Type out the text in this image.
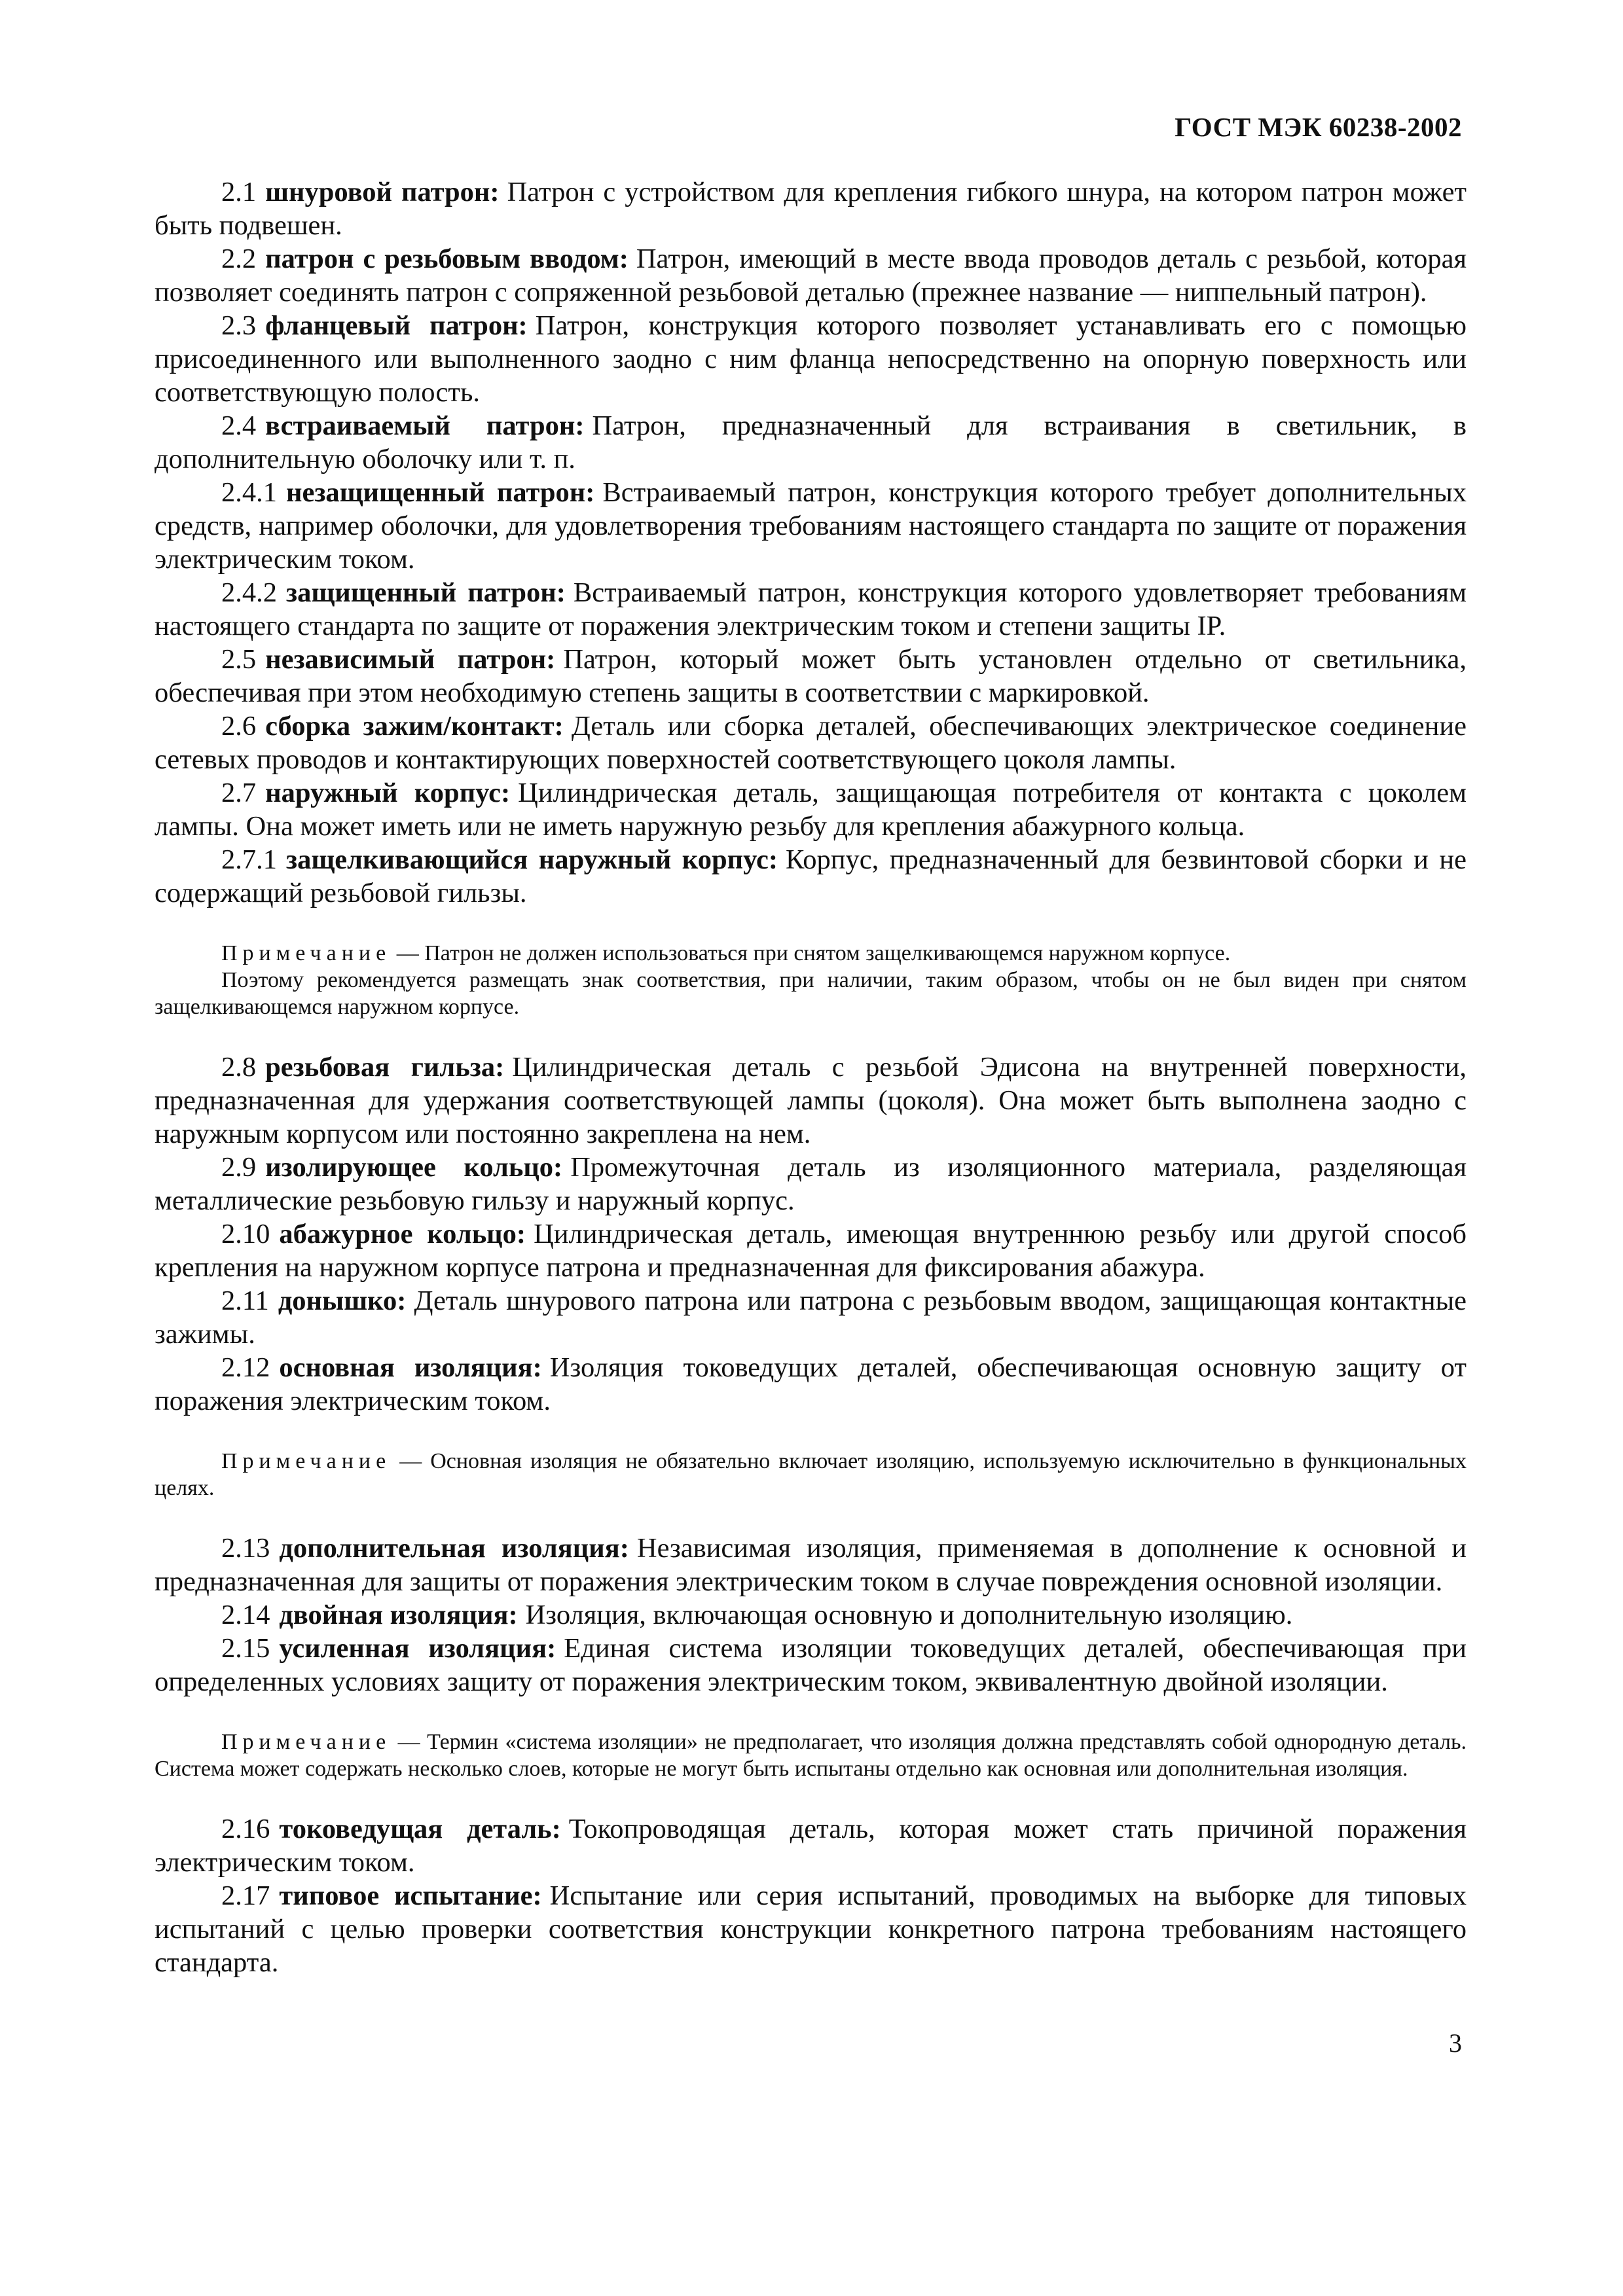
ГОСТ МЭК 60238-2002

2.1 шнуровой патрон: Патрон с устройством для крепления гибкого шнура, на котором патрон может быть подвешен.

2.2 патрон с резьбовым вводом: Патрон, имеющий в месте ввода проводов деталь с резьбой, которая позволяет соединять патрон с сопряженной резьбовой деталью (прежнее название — ниппельный патрон).

2.3 фланцевый патрон: Патрон, конструкция которого позволяет устанавливать его с помощью присоединенного или выполненного заодно с ним фланца непосредственно на опорную поверхность или соответствующую полость.

2.4 встраиваемый патрон: Патрон, предназначенный для встраивания в светильник, в дополнительную оболочку или т. п.

2.4.1 незащищенный патрон: Встраиваемый патрон, конструкция которого требует дополнительных средств, например оболочки, для удовлетворения требованиям настоящего стандарта по защите от поражения электрическим током.

2.4.2 защищенный патрон: Встраиваемый патрон, конструкция которого удовлетворяет требованиям настоящего стандарта по защите от поражения электрическим током и степени защиты IP.

2.5 независимый патрон: Патрон, который может быть установлен отдельно от светильника, обеспечивая при этом необходимую степень защиты в соответствии с маркировкой.

2.6 сборка зажим/контакт: Деталь или сборка деталей, обеспечивающих электрическое соединение сетевых проводов и контактирующих поверхностей соответствующего цоколя лампы.

2.7 наружный корпус: Цилиндрическая деталь, защищающая потребителя от контакта с цоколем лампы. Она может иметь или не иметь наружную резьбу для крепления абажурного кольца.

2.7.1 защелкивающийся наружный корпус: Корпус, предназначенный для безвинтовой сборки и не содержащий резьбовой гильзы.

Примечание — Патрон не должен использоваться при снятом защелкивающемся наружном корпусе.

Поэтому рекомендуется размещать знак соответствия, при наличии, таким образом, чтобы он не был виден при снятом защелкивающемся наружном корпусе.

2.8 резьбовая гильза: Цилиндрическая деталь с резьбой Эдисона на внутренней поверхности, предназначенная для удержания соответствующей лампы (цоколя). Она может быть выполнена заодно с наружным корпусом или постоянно закреплена на нем.

2.9 изолирующее кольцо: Промежуточная деталь из изоляционного материала, разделяющая металлические резьбовую гильзу и наружный корпус.

2.10 абажурное кольцо: Цилиндрическая деталь, имеющая внутреннюю резьбу или другой способ крепления на наружном корпусе патрона и предназначенная для фиксирования абажура.

2.11 донышко: Деталь шнурового патрона или патрона с резьбовым вводом, защищающая контактные зажимы.

2.12 основная изоляция: Изоляция токоведущих деталей, обеспечивающая основную защиту от поражения электрическим током.

Примечание — Основная изоляция не обязательно включает изоляцию, используемую исключительно в функциональных целях.

2.13 дополнительная изоляция: Независимая изоляция, применяемая в дополнение к основной и предназначенная для защиты от поражения электрическим током в случае повреждения основной изоляции.

2.14 двойная изоляция: Изоляция, включающая основную и дополнительную изоляцию.

2.15 усиленная изоляция: Единая система изоляции токоведущих деталей, обеспечивающая при определенных условиях защиту от поражения электрическим током, эквивалентную двойной изоляции.

Примечание — Термин «система изоляции» не предполагает, что изоляция должна представлять собой однородную деталь. Система может содержать несколько слоев, которые не могут быть испытаны отдельно как основная или дополнительная изоляция.

2.16 токоведущая деталь: Токопроводящая деталь, которая может стать причиной поражения электрическим током.

2.17 типовое испытание: Испытание или серия испытаний, проводимых на выборке для типовых испытаний с целью проверки соответствия конструкции конкретного патрона требованиям настоящего стандарта.

3
